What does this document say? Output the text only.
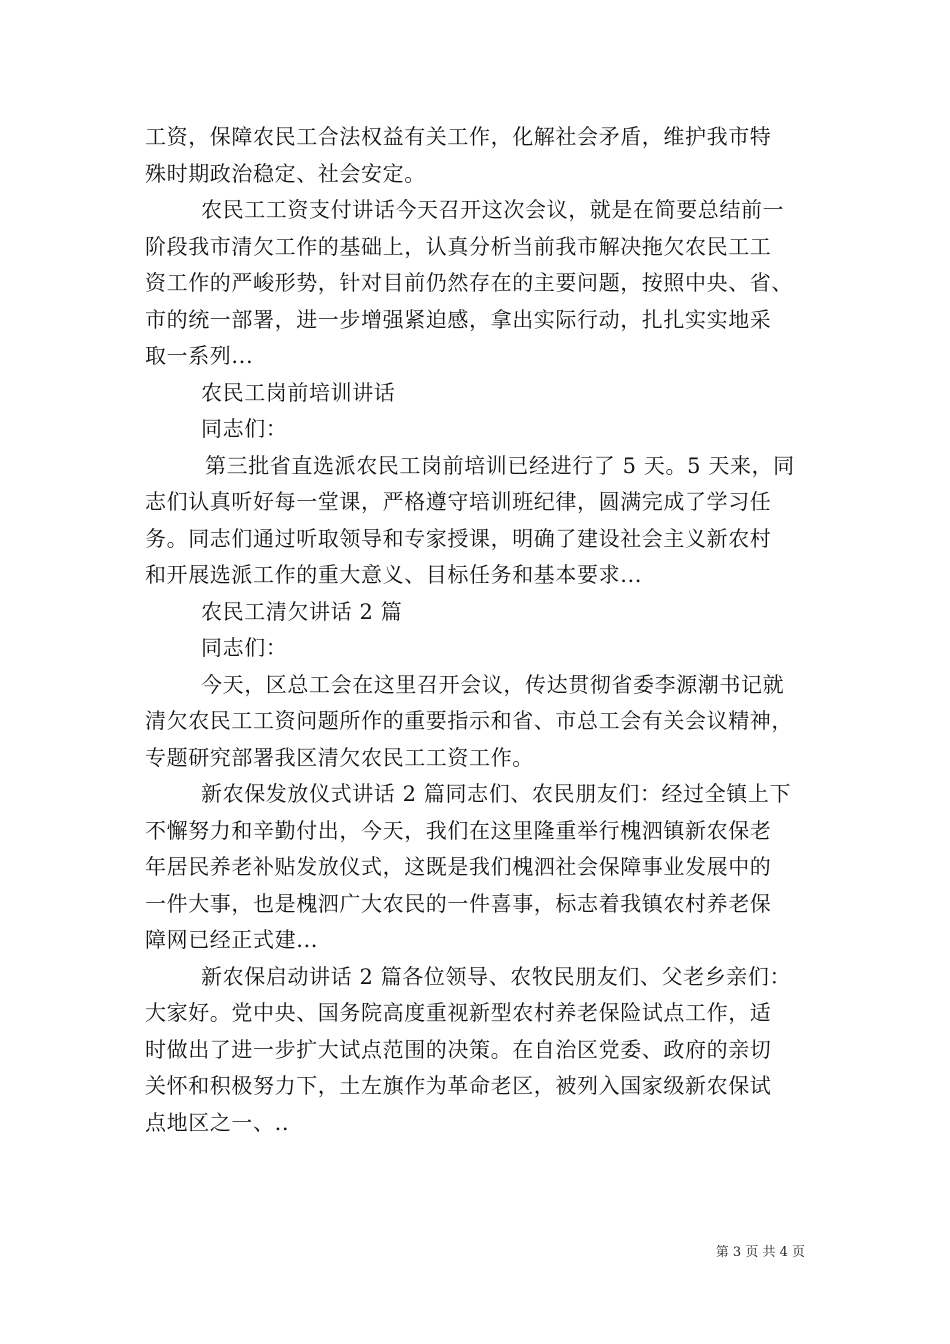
工资，保障农民工合法权益有关工作，化解社会矛盾，维护我市特
殊时期政治稳定、社会安定。
农民工工资支付讲话今天召开这次会议，就是在简要总结前一
阶段我市清欠工作的基础上，认真分析当前我市解决拖欠农民工工
资工作的严峻形势，针对目前仍然存在的主要问题，按照中央、省、
市的统一部署，进一步增强紧迫感，拿出实际行动，扎扎实实地采
取一系列...
农民工岗前培训讲话
同志们：
第三批省直选派农民工岗前培训已经进行了 5 天。5 天来，同
志们认真听好每一堂课，严格遵守培训班纪律，圆满完成了学习任
务。同志们通过听取领导和专家授课，明确了建设社会主义新农村
和开展选派工作的重大意义、目标任务和基本要求...
农民工清欠讲话 2 篇
同志们：
今天，区总工会在这里召开会议，传达贯彻省委李源潮书记就
清欠农民工工资问题所作的重要指示和省、市总工会有关会议精神，
专题研究部署我区清欠农民工工资工作。
新农保发放仪式讲话 2 篇同志们、农民朋友们：经过全镇上下
不懈努力和辛勤付出，今天，我们在这里隆重举行槐泗镇新农保老
年居民养老补贴发放仪式，这既是我们槐泗社会保障事业发展中的
一件大事，也是槐泗广大农民的一件喜事，标志着我镇农村养老保
障网已经正式建...
新农保启动讲话 2 篇各位领导、农牧民朋友们、父老乡亲们：
大家好。党中央、国务院高度重视新型农村养老保险试点工作，适
时做出了进一步扩大试点范围的决策。在自治区党委、政府的亲切
关怀和积极努力下，土左旗作为革命老区，被列入国家级新农保试
点地区之一、..
第 3 页 共 4 页
